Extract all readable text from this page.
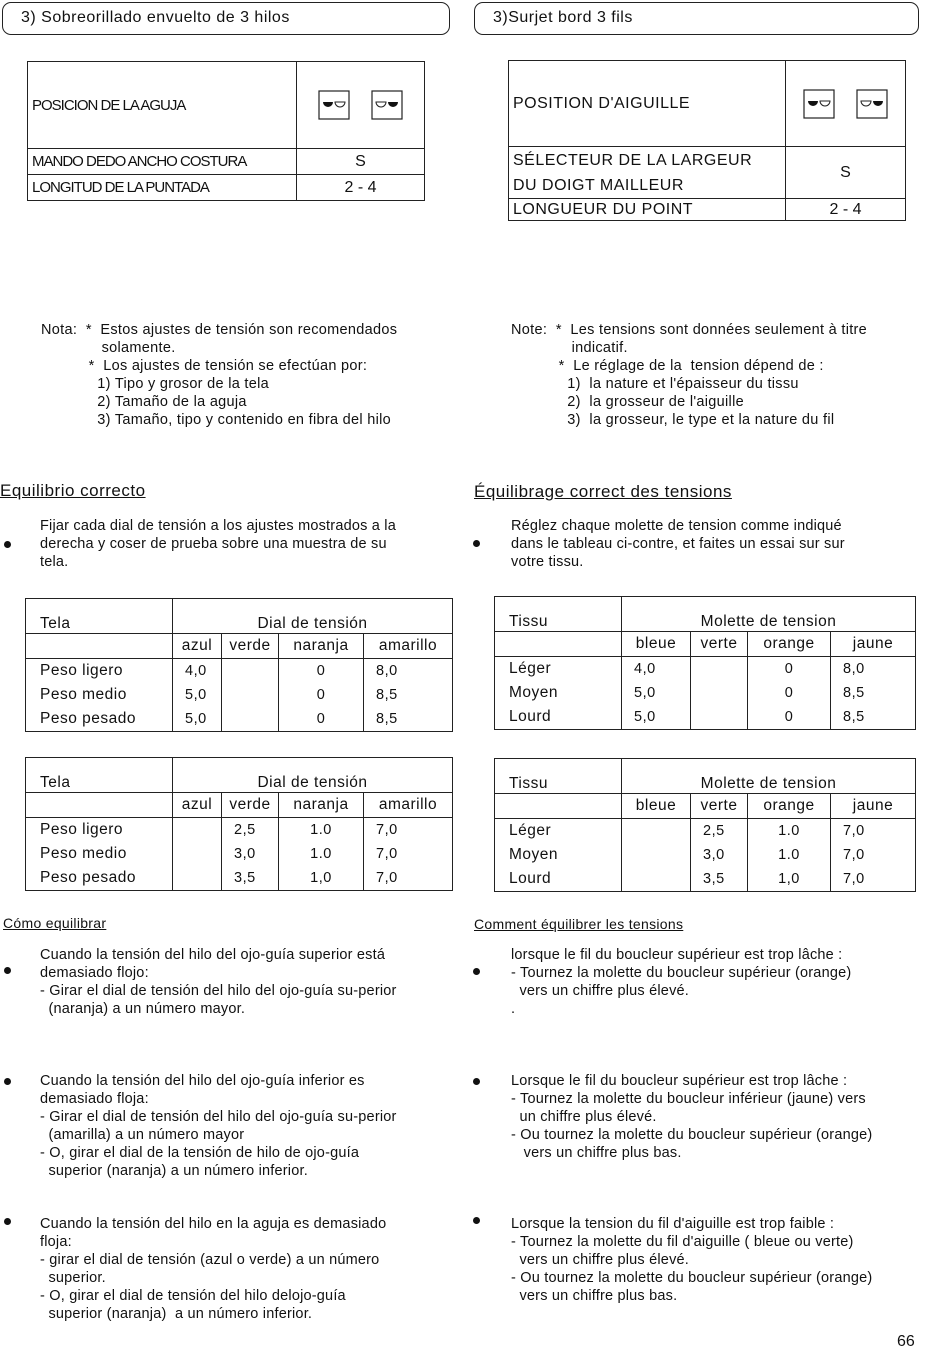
3) Sobreorillado envuelto de 3 hilos	3)Surjet bord 3 fils
POSICION DE LA AGUJA	
MANDO DEDO ANCHO COSTURA	S
LONGITUD DE LA PUNTADA	2 - 4
POSITION D'AIGUILLE	

SÉLECTEUR DE LA LARGEUR
DU DOIGT MAILLEUR	S
LONGUEUR DU POINT	2 - 4
Nota:  *  Estos ajustes de tensión son recomendados
solamente.
*  Los ajustes de tensión se efectúan por:
1) Tipo y grosor de la tela
2) Tamaño de la aguja
3) Tamaño, tipo y contenido en fibra del hilo
Note:  *  Les tensions sont données seulement à titre
indicatif.
*  Le réglage de la  tension dépend de :
1)  la nature et l'épaisseur du tissu
2)  la grosseur de l'aiguille
3)  la grosseur, le type et la nature du fil
Equilibrio correcto	Équilibrage correct des tensions
Fijar cada dial de tensión a los ajustes mostrados a la
derecha y coser de prueba sobre una muestra de su
tela.
Réglez chaque molette de tension comme indiqué
dans le tableau ci-contre, et faites un essai sur sur
votre tissu.
Tela	Dial de tensión			
	azul	verde	naranja	amarillo
Peso ligero	4,0		0	8,0
Peso medio	5,0		0	8,5
Peso pesado	5,0		0	8,5
Tela	Dial de tensión			
	azul	verde	naranja	amarillo
Peso ligero		2,5	1.0	7,0
Peso medio		3,0	1.0	7,0
Peso pesado		3,5	1,0	7,0
Tissu	Molette de tension			
	bleue	verte	orange	jaune
Léger	4,0		0	8,0
Moyen	5,0		0	8,5
Lourd	5,0		0	8,5
Tissu	Molette de tension			
	bleue	verte	orange	jaune
Léger		2,5	1.0	7,0
Moyen		3,0	1.0	7,0
Lourd		3,5	1,0	7,0
Cómo equilibrar	Comment équilibrer les tensions
Cuando la tensión del hilo del ojo-guía superior está
demasiado flojo:
- Girar el dial de tensión del hilo del ojo-guía su-perior
(naranja) a un número mayor.
lorsque le fil du boucleur supérieur est trop lâche :
- Tournez la molette du boucleur supérieur (orange)
vers un chiffre plus élevé.
.
Cuando la tensión del hilo del ojo-guía inferior es
demasiado floja:
- Girar el dial de tensión del hilo del ojo-guía su-perior
(amarilla) a un número mayor
- O, girar el dial de la tensión de hilo de ojo-guía
superior (naranja) a un número inferior.
Lorsque le fil du boucleur supérieur est trop lâche :
- Tournez la molette du boucleur inférieur (jaune) vers
un chiffre plus élevé.
- Ou tournez la molette du boucleur supérieur (orange)
vers un chiffre plus bas.
Cuando la tensión del hilo en la aguja es demasiado
floja:
- girar el dial de tensión (azul o verde) a un número
superior.
- O, girar el dial de tensión del hilo delojo-guía
superior (naranja)  a un número inferior.
Lorsque la tension du fil d'aiguille est trop faible :
- Tournez la molette du fil d'aiguille ( bleue ou verte)
vers un chiffre plus élevé.
- Ou tournez la molette du boucleur supérieur (orange)
vers un chiffre plus bas.
66
